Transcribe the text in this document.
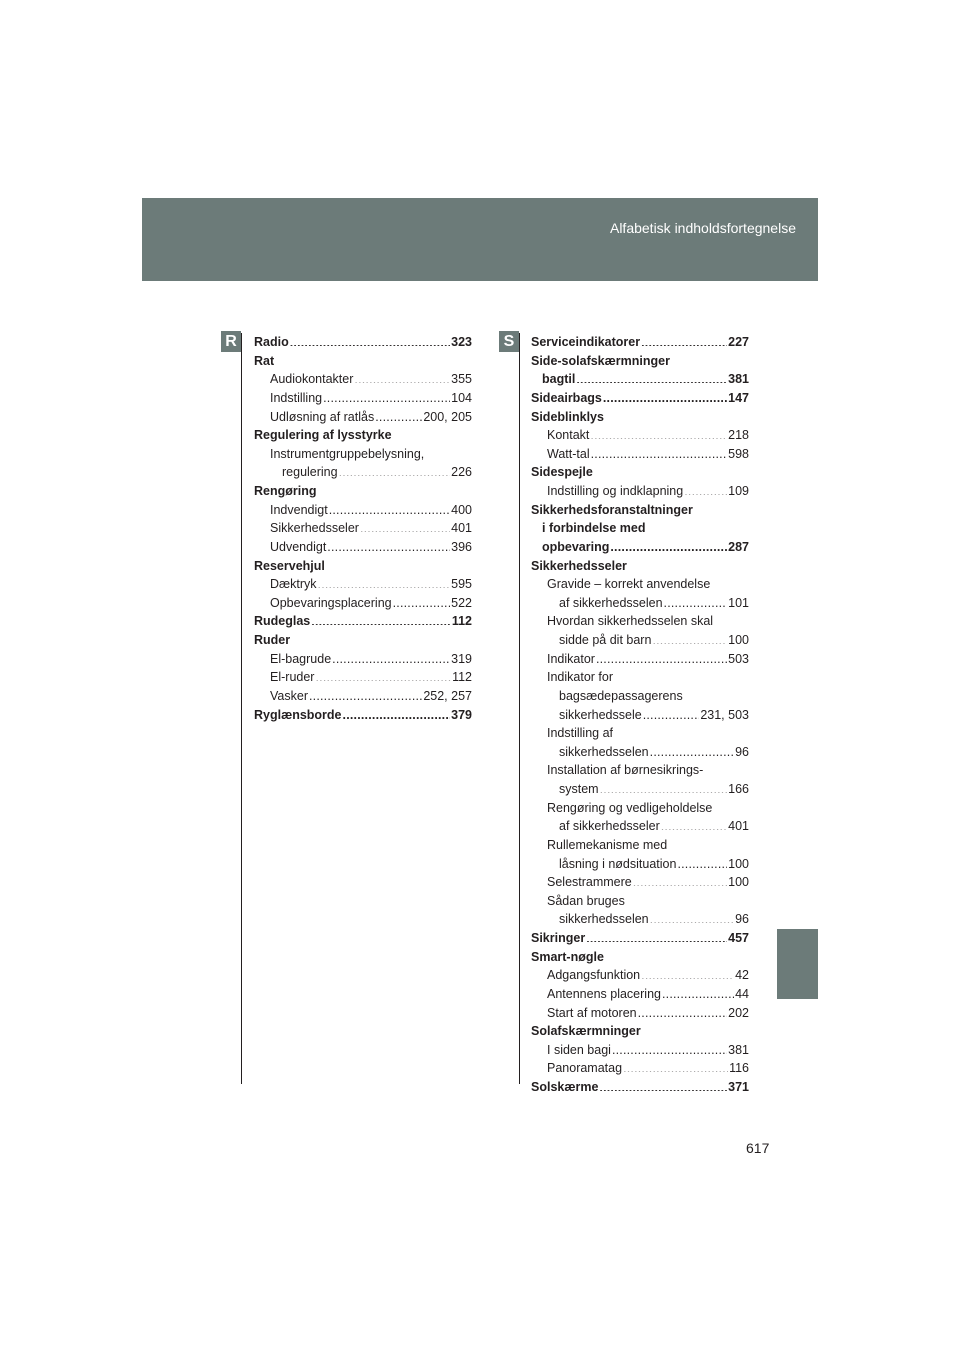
Alfabetisk indholdsfortegnelse
R	S
Radio .....	323
Rat
Audiokontakter .....	355
Indstilling .....	104
Udløsning af ratlås .....	200, 205
Regulering af lysstyrke
Instrumentgruppebelysning,
regulering .....	226
Rengøring
Indvendigt .....	400
Sikkerhedsseler .....	401
Udvendigt .....	396
Reservehjul
Dæktryk .....	595
Opbevaringsplacering .....	522
Rudeglas .....	112
Ruder
El-bagrude .....	319
El-ruder .....	112
Vasker .....	252, 257
Ryglænsborde .....	379
Serviceindikatorer .....	227
Side-solafskærmninger
bagtil .....	381
Sideairbags .....	147
Sideblinklys
Kontakt .....	218
Watt-tal .....	598
Sidespejle
Indstilling og indklapning .....	109
Sikkerhedsforanstaltninger
i forbindelse med
opbevaring .....	287
Sikkerhedsseler
Gravide – korrekt anvendelse
af sikkerhedsselen .....	101
Hvordan sikkerhedsselen skal
sidde på dit barn .....	100
Indikator .....	503
Indikator for
bagsædepassagerens
sikkerhedssele .....	231, 503
Indstilling af
sikkerhedsselen .....	96
Installation af børnesikrings-
system .....	166
Rengøring og vedligeholdelse
af sikkerhedsseler .....	401
Rullemekanisme med
låsning i nødsituation .....	100
Selestrammere .....	100
Sådan bruges
sikkerhedsselen .....	96
Sikringer .....	457
Smart-nøgle
Adgangsfunktion .....	42
Antennens placering .....	44
Start af motoren .....	202
Solafskærmninger
I siden bagi .....	381
Panoramatag .....	116
Solskærme .....	371
617
